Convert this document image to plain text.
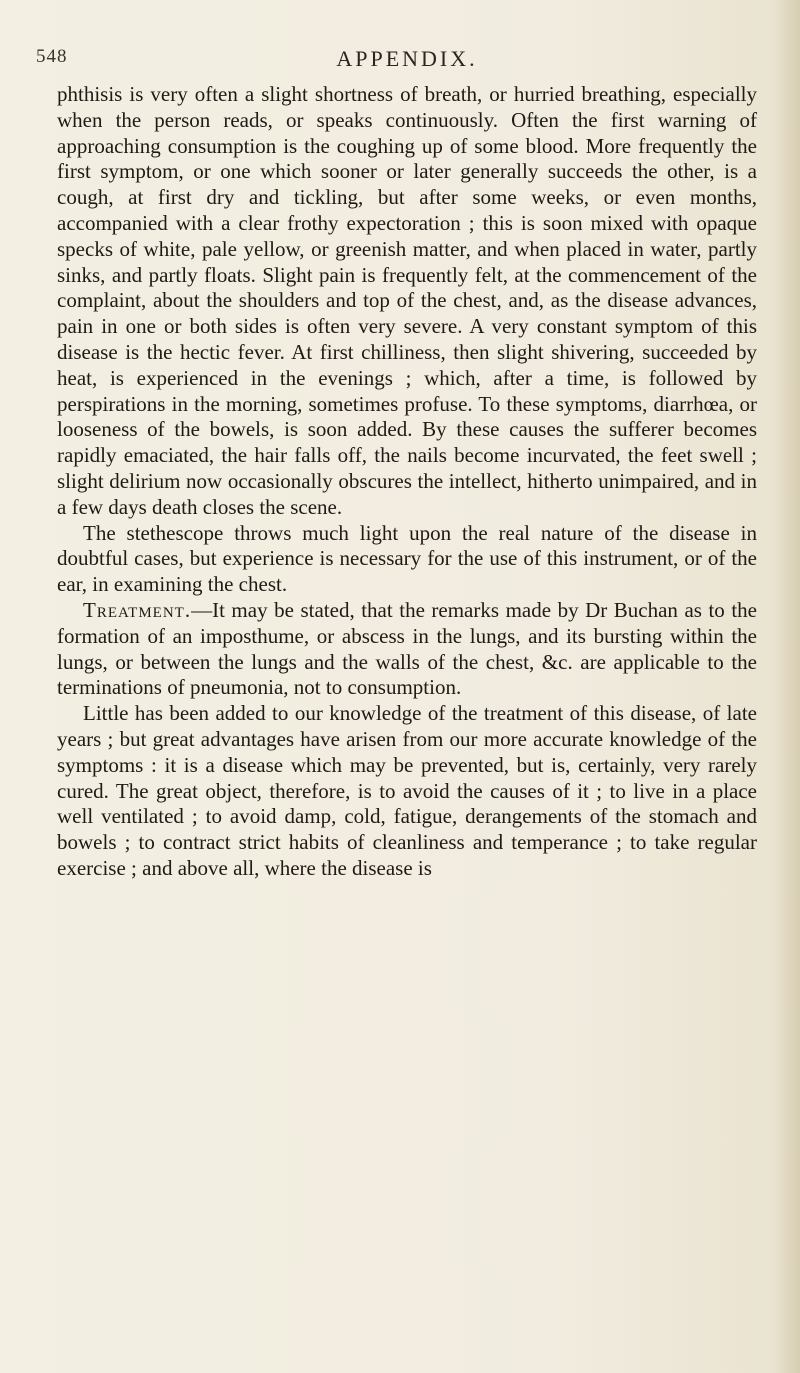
548	APPENDIX.

phthisis is very often a slight shortness of breath, or hurried breathing, especially when the person reads, or speaks continuously. Often the first warning of approaching consumption is the coughing up of some blood. More frequently the first symptom, or one which sooner or later generally succeeds the other, is a cough, at first dry and tickling, but after some weeks, or even months, accompanied with a clear frothy expectoration ; this is soon mixed with opaque specks of white, pale yellow, or greenish matter, and when placed in water, partly sinks, and partly floats. Slight pain is frequently felt, at the commencement of the complaint, about the shoulders and top of the chest, and, as the disease advances, pain in one or both sides is often very severe. A very constant symptom of this disease is the hectic fever. At first chilliness, then slight shivering, succeeded by heat, is experienced in the evenings ; which, after a time, is followed by perspirations in the morning, sometimes profuse. To these symptoms, diarrhœa, or looseness of the bowels, is soon added. By these causes the sufferer becomes rapidly emaciated, the hair falls off, the nails become incurvated, the feet swell ; slight delirium now occasionally obscures the intellect, hitherto unimpaired, and in a few days death closes the scene.

The stethescope throws much light upon the real nature of the disease in doubtful cases, but experience is necessary for the use of this instrument, or of the ear, in examining the chest.

Treatment.—It may be stated, that the remarks made by Dr Buchan as to the formation of an imposthume, or abscess in the lungs, and its bursting within the lungs, or between the lungs and the walls of the chest, &c. are applicable to the terminations of pneumonia, not to consumption.

Little has been added to our knowledge of the treatment of this disease, of late years ; but great advantages have arisen from our more accurate knowledge of the symptoms : it is a disease which may be prevented, but is, certainly, very rarely cured. The great object, therefore, is to avoid the causes of it ; to live in a place well ventilated ; to avoid damp, cold, fatigue, derangements of the stomach and bowels ; to contract strict habits of cleanliness and temperance ; to take regular exercise ; and above all, where the disease is
